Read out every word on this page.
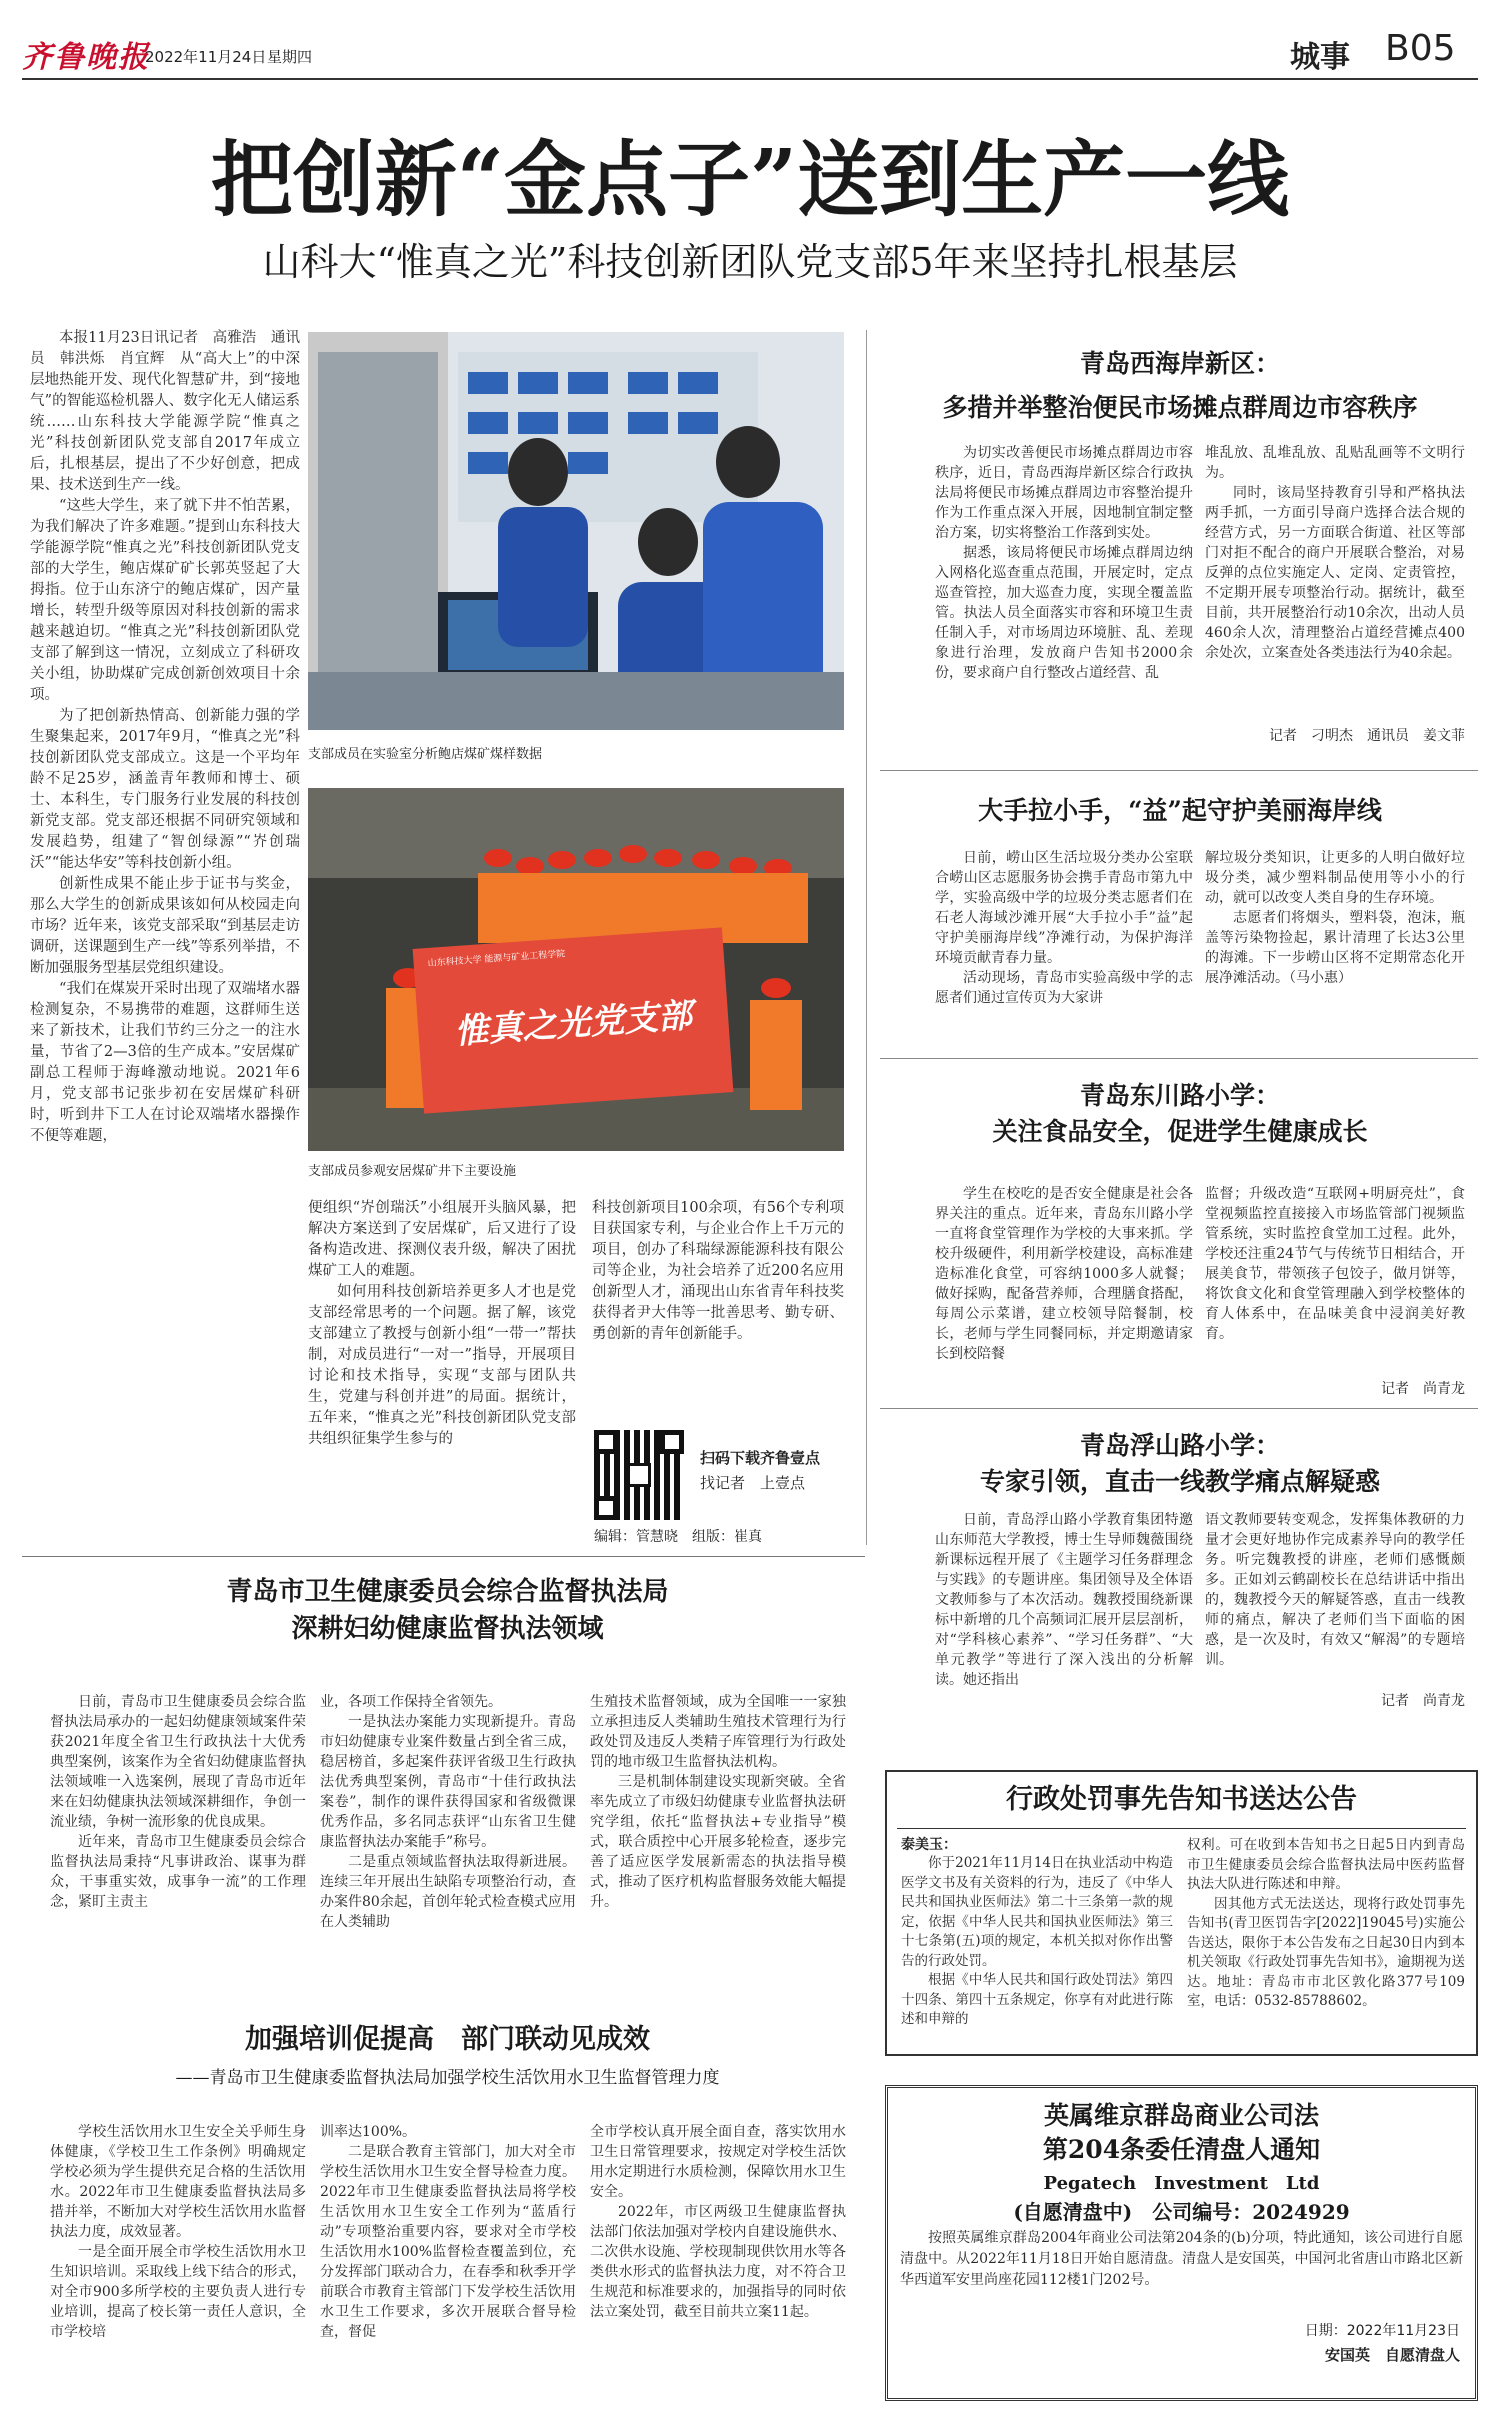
齐鲁晚报
2022年11月24日 星期四	城事 B05
把创新“金点子”送到生产一线
山科大“惟真之光”科技创新团队党支部5年来坚持扎根基层

本报11月23日讯记者　高雅浩　通讯员　韩洪烁　肖宜辉　从“高大上”的中深层地热能开发、现代化智慧矿井，到“接地气”的智能巡检机器人、数字化无人储运系统……山东科技大学能源学院“惟真之光”科技创新团队党支部自2017年成立后，扎根基层，提出了不少好创意，把成果、技术送到生产一线。

“这些大学生，来了就下井不怕苦累，为我们解决了许多难题。”提到山东科技大学能源学院“惟真之光”科技创新团队党支部的大学生，鲍店煤矿矿长郭英竖起了大拇指。位于山东济宁的鲍店煤矿，因产量增长，转型升级等原因对科技创新的需求越来越迫切。“惟真之光”科技创新团队党支部了解到这一情况，立刻成立了科研攻关小组，协助煤矿完成创新创效项目十余项。

为了把创新热情高、创新能力强的学生聚集起来，2017年9月，“惟真之光”科技创新团队党支部成立。这是一个平均年龄不足25岁，涵盖青年教师和博士、硕士、本科生，专门服务行业发展的科技创新党支部。党支部还根据不同研究领域和发展趋势，组建了“智创绿源”“岕创瑞沃”“能达华安”等科技创新小组。

创新性成果不能止步于证书与奖金，那么大学生的创新成果该如何从校园走向市场？近年来，该党支部采取“到基层走访调研，送课题到生产一线”等系列举措，不断加强服务型基层党组织建设。

“我们在煤炭开采时出现了双端堵水器检测复杂，不易携带的难题，这群师生送来了新技术，让我们节约三分之一的注水量，节省了2—3倍的生产成本。”安居煤矿副总工程师于海峰激动地说。2021年6月，党支部书记张步初在安居煤矿科研时，听到井下工人在讨论双端堵水器操作不便等难题，

支部成员在实验室分析鲍店煤矿煤样数据
山东科技大学 能源与矿业工程学院
惟真之光党支部
支部成员参观安居煤矿井下主要设施

便组织“岕创瑞沃”小组展开头脑风暴，把解决方案送到了安居煤矿，后又进行了设备构造改进、探测仪表升级，解决了困扰煤矿工人的难题。

如何用科技创新培养更多人才也是党支部经常思考的一个问题。据了解，该党支部建立了教授与创新小组“一带一”帮扶制，对成员进行“一对一”指导，开展项目讨论和技术指导，实现“支部与团队共生，党建与科创并进”的局面。据统计，五年来，“惟真之光”科技创新团队党支部共组织征集学生参与的

科技创新项目100余项，有56个专利项目获国家专利，与企业合作上千万元的项目，创办了科瑞绿源能源科技有限公司等企业，为社会培养了近200名应用创新型人才，涌现出山东省青年科技奖获得者尹大伟等一批善思考、勤专研、勇创新的青年创新能手。

扫码下载齐鲁壹点
找记者　上壹点
编辑：管慧晓　组版：崔真
青岛市卫生健康委员会综合监督执法局
深耕妇幼健康监督执法领域

日前，青岛市卫生健康委员会综合监督执法局承办的一起妇幼健康领域案件荣获2021年度全省卫生行政执法十大优秀典型案例，该案作为全省妇幼健康监督执法领域唯一入选案例，展现了青岛市近年来在妇幼健康执法领域深耕细作，争创一流业绩，争树一流形象的优良成果。

近年来，青岛市卫生健康委员会综合监督执法局秉持“凡事讲政治、谋事为群众，干事重实效，成事争一流”的工作理念，紧盯主责主

业，各项工作保持全省领先。

一是执法办案能力实现新提升。青岛市妇幼健康专业案件数量占到全省三成，稳居榜首，多起案件获评省级卫生行政执法优秀典型案例，青岛市“十佳行政执法案卷”，制作的课件获得国家和省级微课优秀作品，多名同志获评“山东省卫生健康监督执法办案能手”称号。

二是重点领域监督执法取得新进展。连续三年开展出生缺陷专项整治行动，查办案件80余起，首创年轮式检查模式应用在人类辅助

生殖技术监督领域，成为全国唯一一家独立承担违反人类辅助生殖技术管理行为行政处罚及违反人类精子库管理行为行政处罚的地市级卫生监督执法机构。

三是机制体制建设实现新突破。全省率先成立了市级妇幼健康专业监督执法研究学组，依托“监督执法+专业指导”模式，联合质控中心开展多轮检查，逐步完善了适应医学发展新需态的执法指导模式，推动了医疗机构监督服务效能大幅提升。

加强培训促提高　部门联动见成效
——青岛市卫生健康委监督执法局加强学校生活饮用水卫生监督管理力度

学校生活饮用水卫生安全关乎师生身体健康，《学校卫生工作条例》明确规定学校必须为学生提供充足合格的生活饮用水。2022年市卫生健康委监督执法局多措并举，不断加大对学校生活饮用水监督执法力度，成效显著。

一是全面开展全市学校生活饮用水卫生知识培训。采取线上线下结合的形式，对全市900多所学校的主要负责人进行专业培训，提高了校长第一责任人意识，全市学校培

训率达100%。

二是联合教育主管部门，加大对全市学校生活饮用水卫生安全督导检查力度。2022年市卫生健康委监督执法局将学校生活饮用水卫生安全工作列为“蓝盾行动”专项整治重要内容，要求对全市学校生活饮用水100%监督检查覆盖到位，充分发挥部门联动合力，在春季和秋季开学前联合市教育主管部门下发学校生活饮用水卫生工作要求，多次开展联合督导检查，督促

全市学校认真开展全面自查，落实饮用水卫生日常管理要求，按规定对学校生活饮用水定期进行水质检测，保障饮用水卫生安全。

2022年，市区两级卫生健康监督执法部门依法加强对学校内自建设施供水、二次供水设施、学校现制现供饮用水等各类供水形式的监督执法力度，对不符合卫生规范和标准要求的，加强指导的同时依法立案处罚，截至目前共立案11起。

青岛西海岸新区：
多措并举整治便民市场摊点群周边市容秩序

为切实改善便民市场摊点群周边市容秩序，近日，青岛西海岸新区综合行政执法局将便民市场摊点群周边市容整治提升作为工作重点深入开展，因地制宜制定整治方案，切实将整治工作落到实处。

据悉，该局将便民市场摊点群周边纳入网格化巡查重点范围，开展定时，定点巡查管控，加大巡查力度，实现全覆盖监管。执法人员全面落实市容和环境卫生责任制入手，对市场周边环境脏、乱、差现象进行治理，发放商户告知书2000余份，要求商户自行整改占道经营、乱

堆乱放、乱堆乱放、乱贴乱画等不文明行为。

同时，该局坚持教育引导和严格执法两手抓，一方面引导商户选择合法合规的经营方式，另一方面联合街道、社区等部门对拒不配合的商户开展联合整治，对易反弹的点位实施定人、定岗、定责管控，不定期开展专项整治行动。据统计，截至目前，共开展整治行动10余次，出动人员460余人次，清理整治占道经营摊点400余处次，立案查处各类违法行为40余起。

记者　刁明杰　通讯员　姜文菲
大手拉小手，“益”起守护美丽海岸线

日前，崂山区生活垃圾分类办公室联合崂山区志愿服务协会携手青岛市第九中学，实验高级中学的垃圾分类志愿者们在石老人海域沙滩开展“大手拉小手”益”起守护美丽海岸线”净滩行动，为保护海洋环境贡献青春力量。

活动现场，青岛市实验高级中学的志愿者们通过宣传页为大家讲

解垃圾分类知识，让更多的人明白做好垃圾分类，减少塑料制品使用等小小的行动，就可以改变人类自身的生存环境。

志愿者们将烟头，塑料袋，泡沫，瓶盖等污染物捡起，累计清理了长达3公里的海滩。下一步崂山区将不定期常态化开展净滩活动。（马小惠）

青岛东川路小学：
关注食品安全，促进学生健康成长

学生在校吃的是否安全健康是社会各界关注的重点。近年来，青岛东川路小学一直将食堂管理作为学校的大事来抓。学校升级硬件，利用新学校建设，高标准建造标准化食堂，可容纳1000多人就餐；做好採购，配备营养师，合理膳食搭配，每周公示菜谱，建立校领导陪餐制，校长，老师与学生同餐同标，并定期邀请家长到校陪餐

监督；升级改造“互联网+明厨亮灶”，食堂视频监控直接接入市场监管部门视频监管系统，实时监控食堂加工过程。此外，学校还注重24节气与传统节日相结合，开展美食节，带领孩子包饺子，做月饼等，将饮食文化和食堂管理融入到学校整体的育人体系中，在品味美食中浸润美好教育。

记者　尚青龙
青岛浮山路小学：
专家引领，直击一线教学痛点解疑惑

日前，青岛浮山路小学教育集团特邀山东师范大学教授，博士生导师魏薇围绕新课标远程开展了《主题学习任务群理念与实践》的专题讲座。集团领导及全体语文教师参与了本次活动。魏教授围绕新课标中新增的几个高频词汇展开层层剖析，对“学科核心素养”、“学习任务群”、“大单元教学”等进行了深入浅出的分析解读。她还指出

语文教师要转变观念，发挥集体教研的力量才会更好地协作完成素养导向的教学任务。听完魏教授的讲座，老师们感慨颇多。正如刘云鹤副校长在总结讲话中指出的，魏教授今天的解疑答惑，直击一线教师的痛点，解决了老师们当下面临的困惑，是一次及时，有效又“解渴”的专题培训。

记者　尚青龙
行政处罚事先告知书送达公告
泰美玉：

你于2021年11月14日在执业活动中构造医学文书及有关资料的行为，违反了《中华人民共和国执业医师法》第二十三条第一款的规定，依据《中华人民共和国执业医师法》第三十七条第(五)项的规定，本机关拟对你作出警告的行政处罚。

根据《中华人民共和国行政处罚法》第四十四条、第四十五条规定，你享有对此进行陈述和申辩的

权利。可在收到本告知书之日起5日内到青岛市卫生健康委员会综合监督执法局中医药监督执法大队进行陈述和申辩。

因其他方式无法送达，现将行政处罚事先告知书(青卫医罚告字[2022]19045号)实施公告送达，限你于本公告发布之日起30日内到本机关领取《行政处罚事先告知书》，逾期视为送达。地址：青岛市市北区敦化路377号109室，电话：0532-85788602。

英属维京群岛商业公司法
第204条委任清盘人通知
Pegatech　Investment　Ltd
(自愿清盘中)　公司编号：2024929

按照英属维京群岛2004年商业公司法第204条的(b)分项，特此通知，该公司进行自愿清盘中。从2022年11月18日开始自愿清盘。清盘人是安国英，中国河北省唐山市路北区新华西道军安里尚座花园112楼1门202号。

日期：2022年11月23日
安国英　自愿清盘人
